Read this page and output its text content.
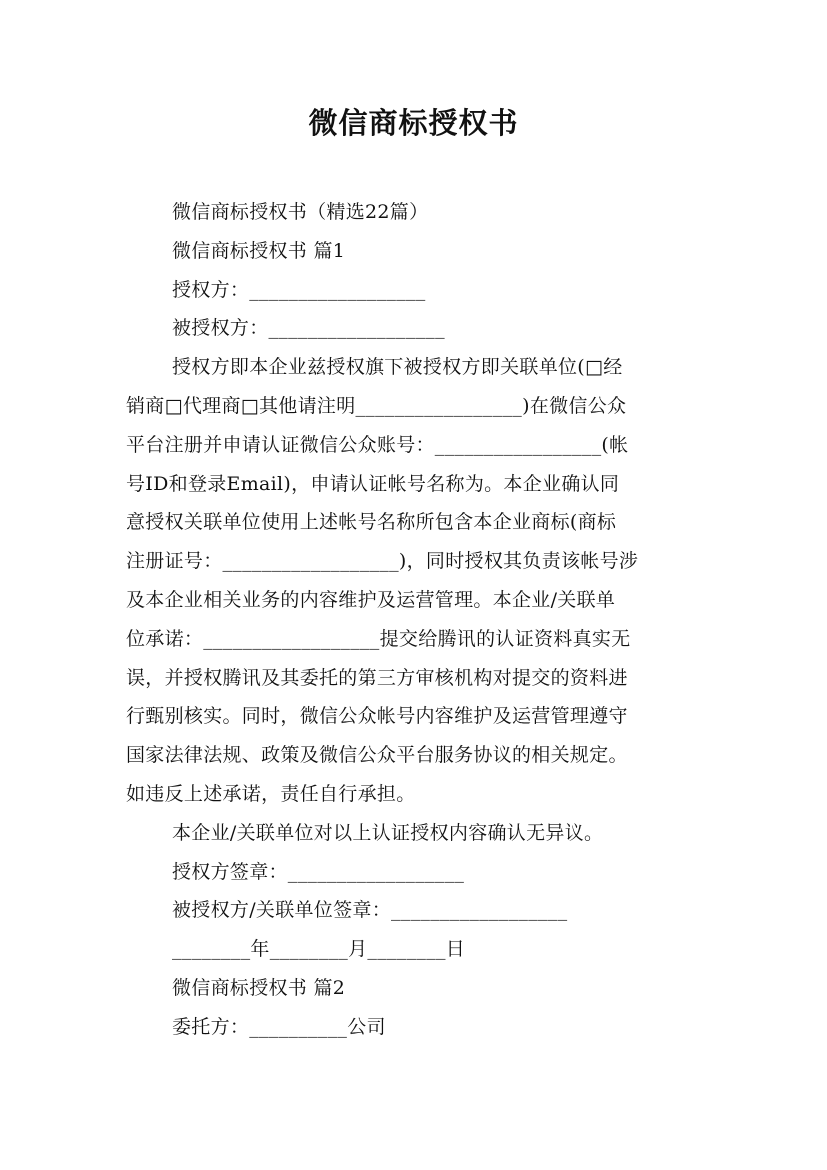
微信商标授权书
微信商标授权书（精选22篇）
微信商标授权书 篇1
授权方：__________________
被授权方：__________________
授权方即本企业兹授权旗下被授权方即关联单位(□经
销商□代理商□其他请注明_________________)在微信公众
平台注册并申请认证微信公众账号：_________________(帐
号ID和登录Email)，申请认证帐号名称为。本企业确认同
意授权关联单位使用上述帐号名称所包含本企业商标(商标
注册证号：__________________)，同时授权其负责该帐号涉
及本企业相关业务的内容维护及运营管理。本企业/关联单
位承诺：__________________提交给腾讯的认证资料真实无
误，并授权腾讯及其委托的第三方审核机构对提交的资料进
行甄别核实。同时，微信公众帐号内容维护及运营管理遵守
国家法律法规、政策及微信公众平台服务协议的相关规定。
如违反上述承诺，责任自行承担。
本企业/关联单位对以上认证授权内容确认无异议。
授权方签章：__________________
被授权方/关联单位签章：__________________
________年________月________日
微信商标授权书 篇2
委托方：__________公司
